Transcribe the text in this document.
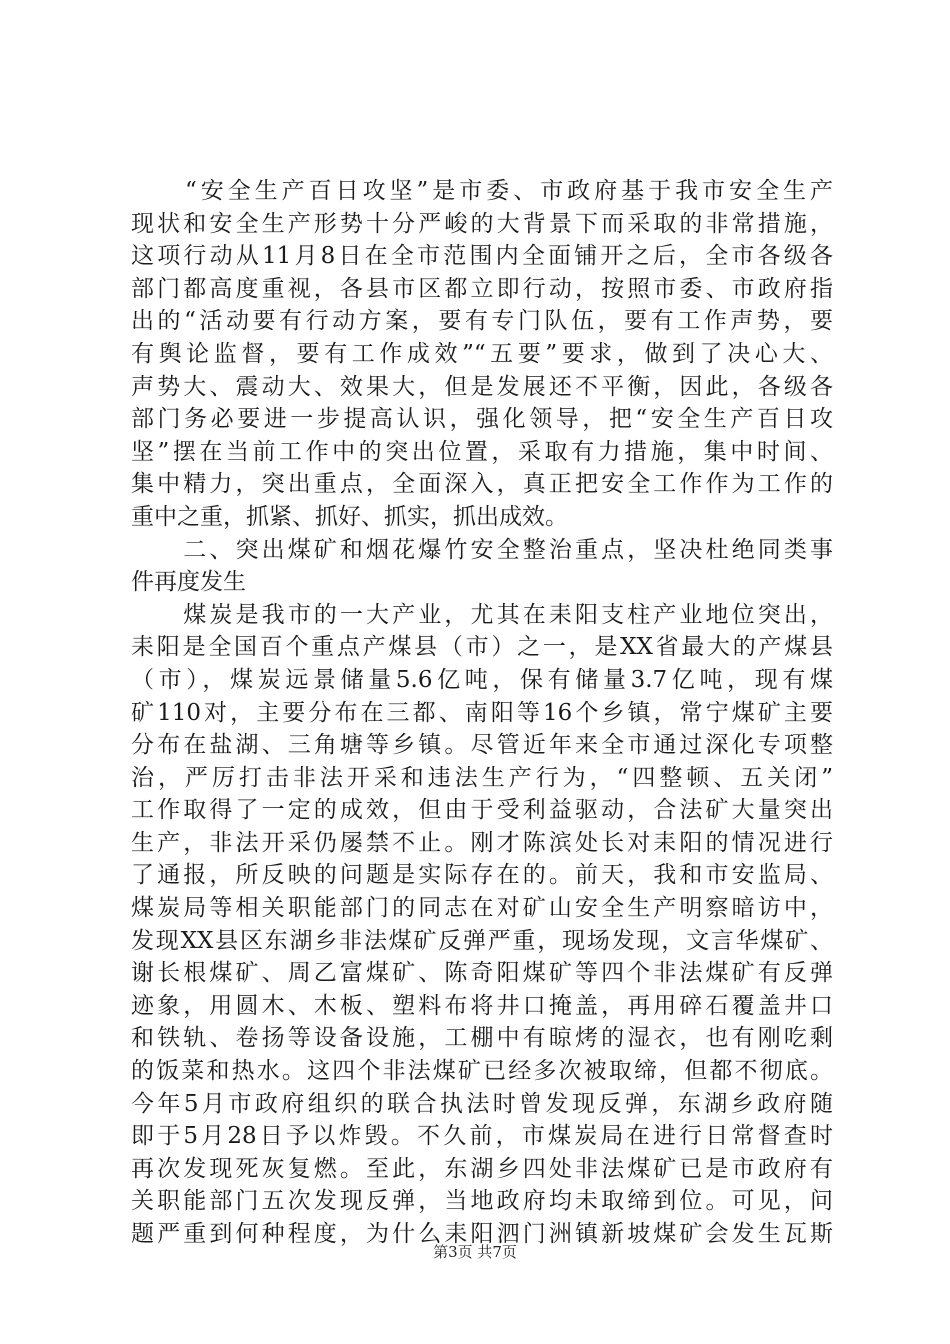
　　“安全生产百日攻坚”是市委、市政府基于我市安全生产
现状和安全生产形势十分严峻的大背景下而采取的非常措施，
这项行动从11月8日在全市范围内全面铺开之后，全市各级各
部门都高度重视，各县市区都立即行动，按照市委、市政府指
出的“活动要有行动方案，要有专门队伍，要有工作声势，要
有舆论监督，要有工作成效”“五要”要求，做到了决心大、
声势大、震动大、效果大，但是发展还不平衡，因此，各级各
部门务必要进一步提高认识，强化领导，把“安全生产百日攻
坚”摆在当前工作中的突出位置，采取有力措施，集中时间、
集中精力，突出重点，全面深入，真正把安全工作作为工作的
重中之重，抓紧、抓好、抓实，抓出成效。
　　二、突出煤矿和烟花爆竹安全整治重点，坚决杜绝同类事
件再度发生
　　煤炭是我市的一大产业，尤其在耒阳支柱产业地位突出，
耒阳是全国百个重点产煤县（市）之一，是XX省最大的产煤县
（市），煤炭远景储量5.6亿吨，保有储量3.7亿吨，现有煤
矿110对，主要分布在三都、南阳等16个乡镇，常宁煤矿主要
分布在盐湖、三角塘等乡镇。尽管近年来全市通过深化专项整
治，严厉打击非法开采和违法生产行为，“四整顿、五关闭”
工作取得了一定的成效，但由于受利益驱动，合法矿大量突出
生产，非法开采仍屡禁不止。刚才陈滨处长对耒阳的情况进行
了通报，所反映的问题是实际存在的。前天，我和市安监局、
煤炭局等相关职能部门的同志在对矿山安全生产明察暗访中，
发现XX县区东湖乡非法煤矿反弹严重，现场发现，文言华煤矿、
谢长根煤矿、周乙富煤矿、陈奇阳煤矿等四个非法煤矿有反弹
迹象，用圆木、木板、塑料布将井口掩盖，再用碎石覆盖井口
和铁轨、卷扬等设备设施，工棚中有晾烤的湿衣，也有刚吃剩
的饭菜和热水。这四个非法煤矿已经多次被取缔，但都不彻底。
今年5月市政府组织的联合执法时曾发现反弹，东湖乡政府随
即于5月28日予以炸毁。不久前，市煤炭局在进行日常督查时
再次发现死灰复燃。至此，东湖乡四处非法煤矿已是市政府有
关职能部门五次发现反弹，当地政府均未取缔到位。可见，问
题严重到何种程度，为什么耒阳泗门洲镇新坡煤矿会发生瓦斯
第3页 共7页
